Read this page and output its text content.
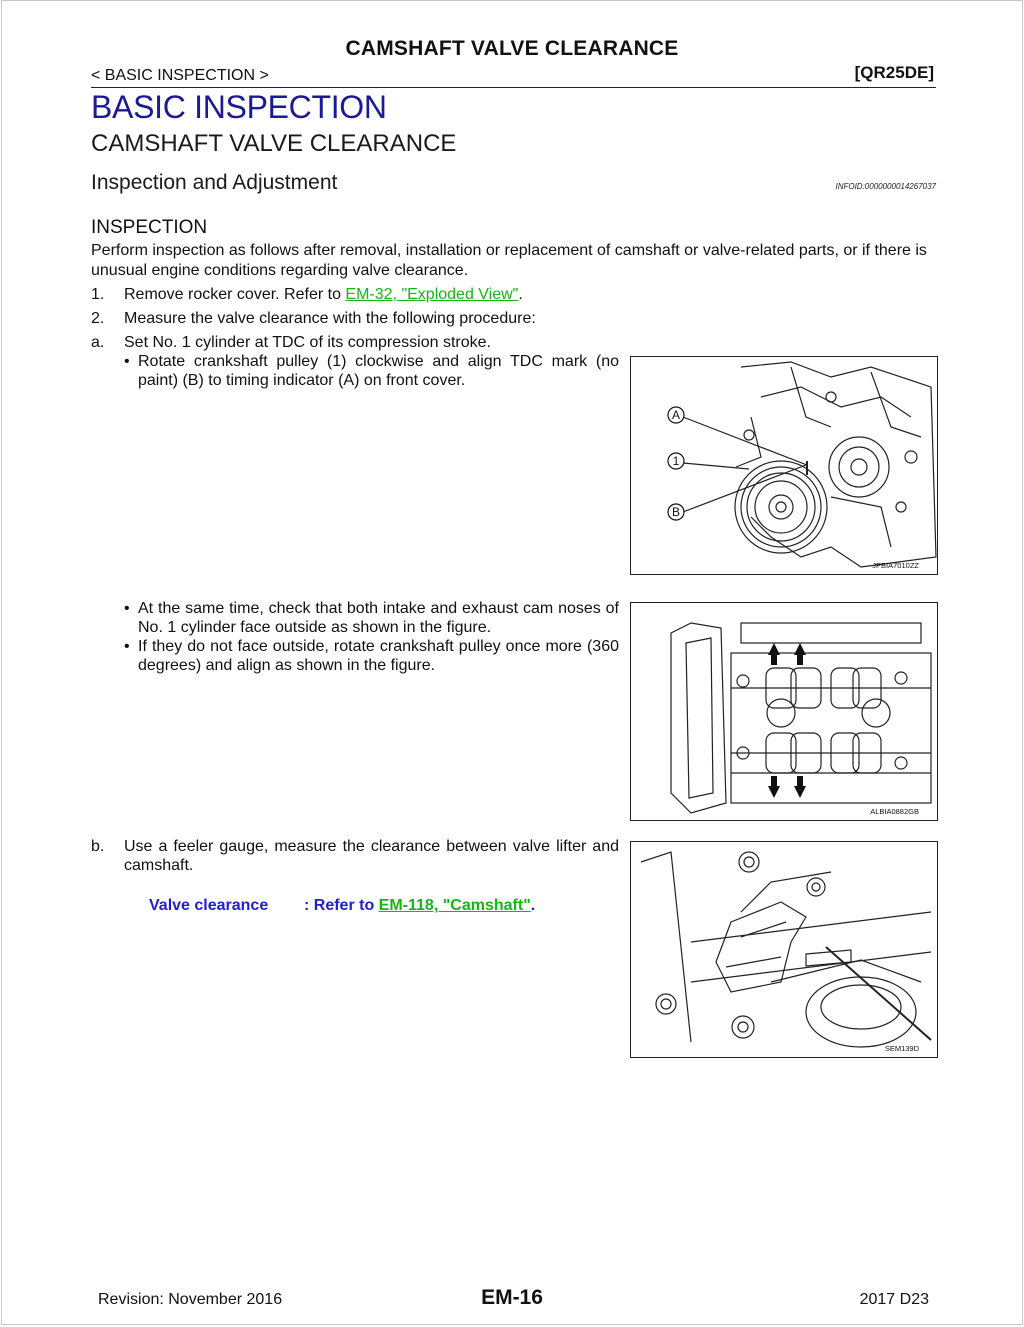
CAMSHAFT VALVE CLEARANCE
< BASIC INSPECTION >	[QR25DE]
BASIC INSPECTION
CAMSHAFT VALVE CLEARANCE
Inspection and Adjustment	INFOID:0000000014267037
INSPECTION
Perform inspection as follows after removal, installation or replacement of camshaft or valve-related parts, or if there is unusual engine conditions regarding valve clearance.
1. Remove rocker cover. Refer to EM-32, "Exploded View".
2. Measure the valve clearance with the following procedure:
a. Set No. 1 cylinder at TDC of its compression stroke.
• Rotate crankshaft pulley (1) clockwise and align TDC mark (no paint) (B) to timing indicator (A) on front cover.
A
1
B
JPBIA7010ZZ
• At the same time, check that both intake and exhaust cam noses of No. 1 cylinder face outside as shown in the figure.
• If they do not face outside, rotate crankshaft pulley once more (360 degrees) and align as shown in the figure.
ALBIA0882GB
b. Use a feeler gauge, measure the clearance between valve lifter and camshaft.
Valve clearance : Refer to EM-118, "Camshaft".
SEM139D
Revision: November 2016	EM-16	2017 D23
